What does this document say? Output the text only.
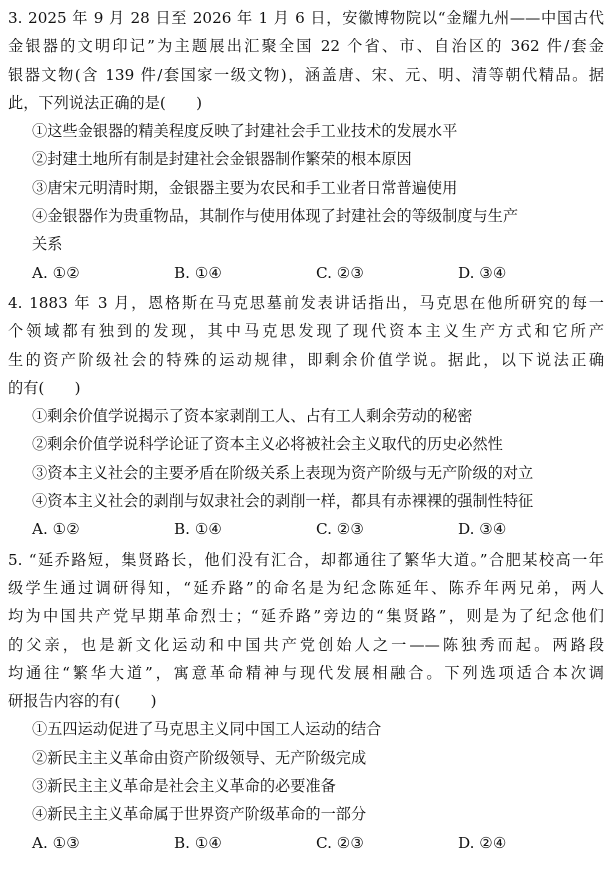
3. 2025 年 9 月 28 日至 2026 年 1 月 6 日，安徽博物院以“金耀九州——中国古代
金银器的文明印记”为主题展出汇聚全国 22 个省、市、自治区的 362 件/套金
银器文物(含 139 件/套国家一级文物)，涵盖唐、宋、元、明、清等朝代精品。据
此，下列说法正确的是(　　)
①这些金银器的精美程度反映了封建社会手工业技术的发展水平
②封建土地所有制是封建社会金银器制作繁荣的根本原因
③唐宋元明清时期，金银器主要为农民和手工业者日常普遍使用
④金银器作为贵重物品，其制作与使用体现了封建社会的等级制度与生产
关系
A. ①②	B. ①④	C. ②③	D. ③④
4. 1883 年 3 月，恩格斯在马克思墓前发表讲话指出，马克思在他所研究的每一
个领域都有独到的发现，其中马克思发现了现代资本主义生产方式和它所产
生的资产阶级社会的特殊的运动规律，即剩余价值学说。据此，以下说法正确
的有(　　)
①剩余价值学说揭示了资本家剥削工人、占有工人剩余劳动的秘密
②剩余价值学说科学论证了资本主义必将被社会主义取代的历史必然性
③资本主义社会的主要矛盾在阶级关系上表现为资产阶级与无产阶级的对立
④资本主义社会的剥削与奴隶社会的剥削一样，都具有赤裸裸的强制性特征
A. ①②	B. ①④	C. ②③	D. ③④
5. “延乔路短，集贤路长，他们没有汇合，却都通往了繁华大道。”合肥某校高一年
级学生通过调研得知，“延乔路”的命名是为纪念陈延年、陈乔年两兄弟，两人
均为中国共产党早期革命烈士；“延乔路”旁边的“集贤路”，则是为了纪念他们
的父亲，也是新文化运动和中国共产党创始人之一——陈独秀而起。两路段
均通往“繁华大道”，寓意革命精神与现代发展相融合。下列选项适合本次调
研报告内容的有(　　)
①五四运动促进了马克思主义同中国工人运动的结合
②新民主主义革命由资产阶级领导、无产阶级完成
③新民主主义革命是社会主义革命的必要准备
④新民主主义革命属于世界资产阶级革命的一部分
A. ①③	B. ①④	C. ②③	D. ②④
